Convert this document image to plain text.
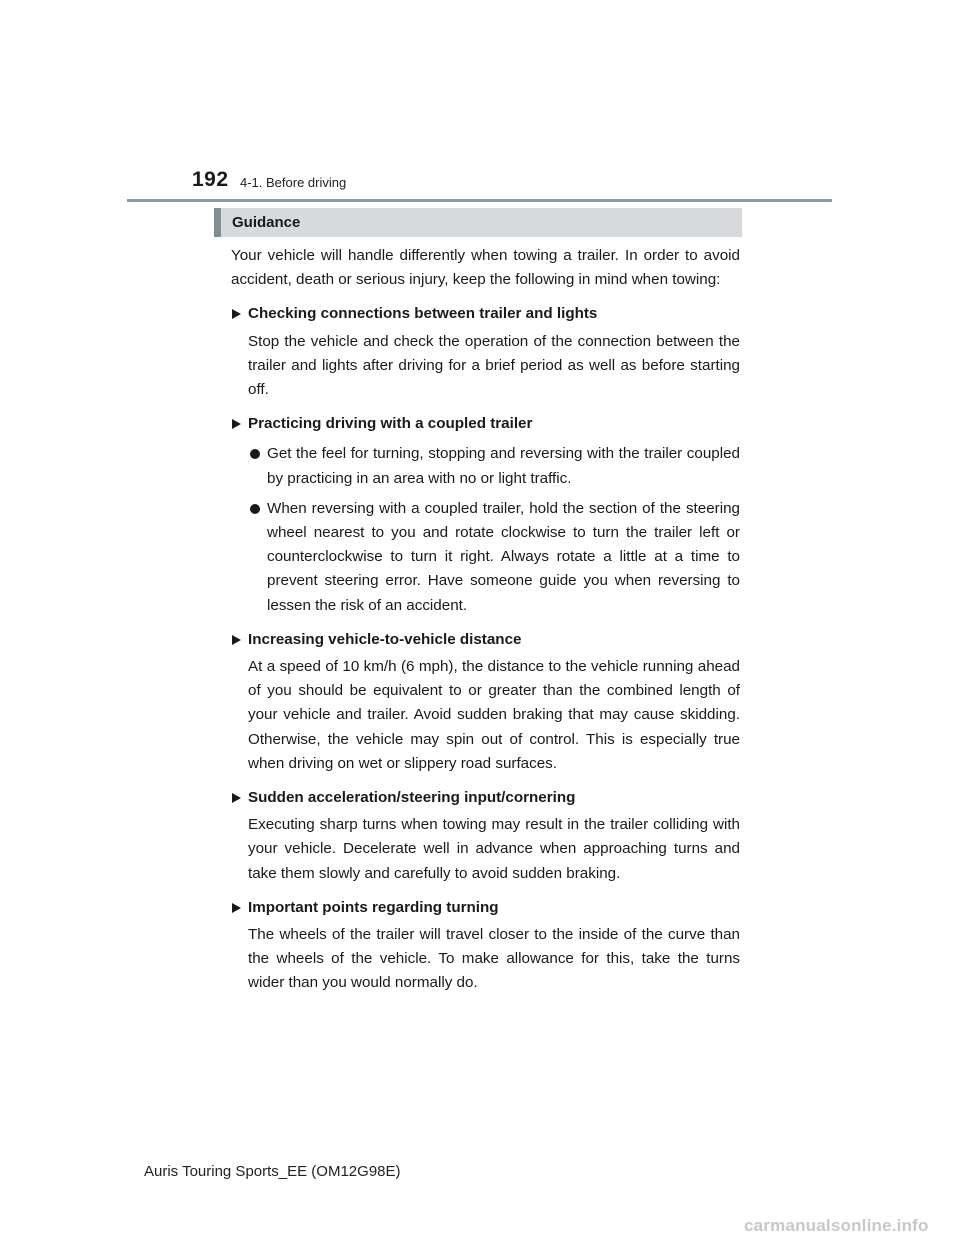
192 4-1. Before driving
Guidance

Your vehicle will handle differently when towing a trailer. In order to avoid accident, death or serious injury, keep the following in mind when towing:

Checking connections between trailer and lights

Stop the vehicle and check the operation of the connection between the trailer and lights after driving for a brief period as well as before starting off.

Practicing driving with a coupled trailer
Get the feel for turning, stopping and reversing with the trailer coupled by practicing in an area with no or light traffic.
When reversing with a coupled trailer, hold the section of the steering wheel nearest to you and rotate clockwise to turn the trailer left or counterclockwise to turn it right. Always rotate a little at a time to prevent steering error. Have someone guide you when reversing to lessen the risk of an accident.
Increasing vehicle-to-vehicle distance

At a speed of 10 km/h (6 mph), the distance to the vehicle running ahead of you should be equivalent to or greater than the combined length of your vehicle and trailer. Avoid sudden braking that may cause skidding. Otherwise, the vehicle may spin out of control. This is especially true when driving on wet or slippery road surfaces.

Sudden acceleration/steering input/cornering

Executing sharp turns when towing may result in the trailer colliding with your vehicle. Decelerate well in advance when approaching turns and take them slowly and carefully to avoid sudden braking.

Important points regarding turning

The wheels of the trailer will travel closer to the inside of the curve than the wheels of the vehicle. To make allowance for this, take the turns wider than you would normally do.

Auris Touring Sports_EE (OM12G98E)
carmanualsonline.info
